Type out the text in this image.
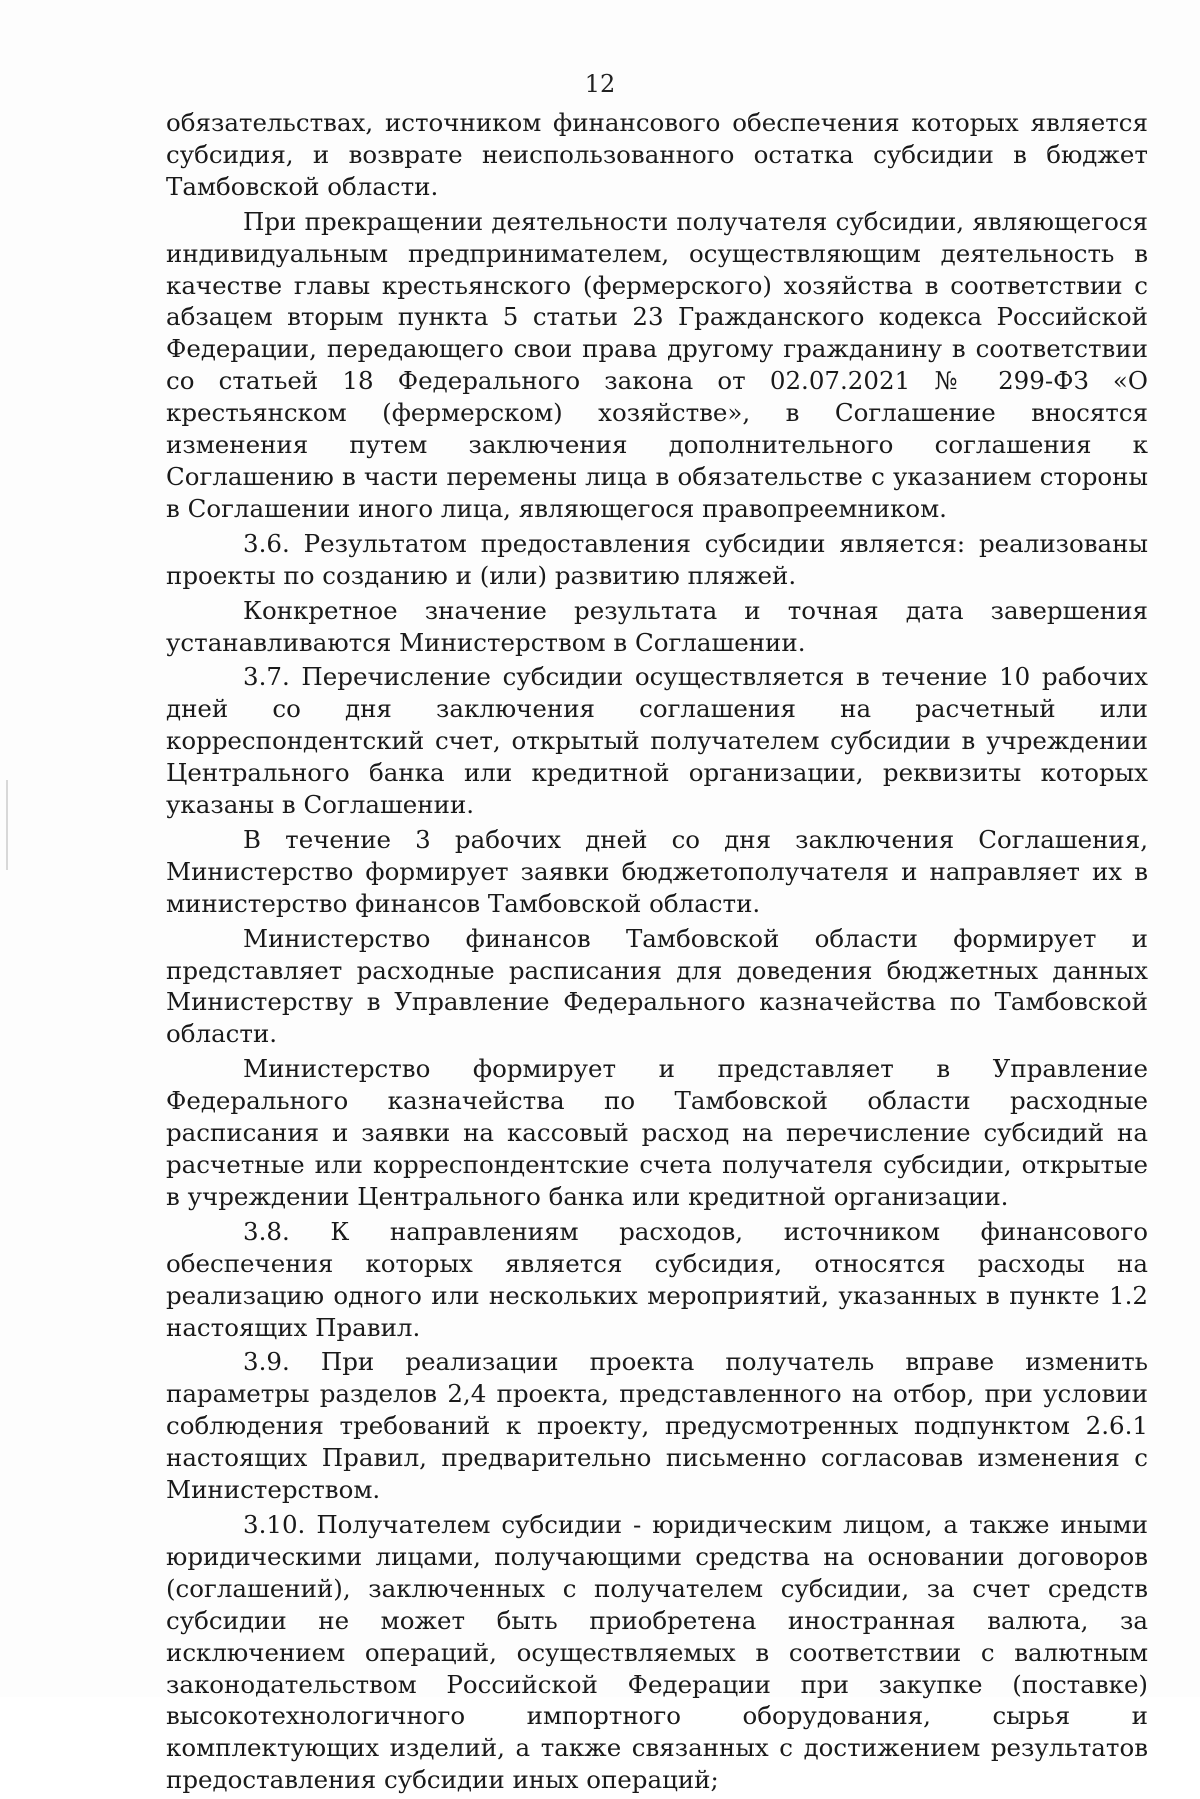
12

обязательствах, источником финансового обеспечения которых является субсидия, и возврате неиспользованного остатка субсидии в бюджет Тамбовской области.

При прекращении деятельности получателя субсидии, являющегося индивидуальным предпринимателем, осуществляющим деятельность в качестве главы крестьянского (фермерского) хозяйства в соответствии с абзацем вторым пункта 5 статьи 23 Гражданского кодекса Российской Федерации, передающего свои права другому гражданину в соответствии со статьей 18 Федерального закона от 02.07.2021 № 299-ФЗ «О крестьянском (фермерском) хозяйстве», в Соглашение вносятся изменения путем заключения дополнительного соглашения к Соглашению в части перемены лица в обязательстве с указанием стороны в Соглашении иного лица, являющегося правопреемником.

3.6. Результатом предоставления субсидии является: реализованы проекты по созданию и (или) развитию пляжей.

Конкретное значение результата и точная дата завершения устанавливаются Министерством в Соглашении.

3.7. Перечисление субсидии осуществляется в течение 10 рабочих дней со дня заключения соглашения на расчетный или корреспондентский счет, открытый получателем субсидии в учреждении Центрального банка или кредитной организации, реквизиты которых указаны в Соглашении.

В течение 3 рабочих дней со дня заключения Соглашения, Министерство формирует заявки бюджетополучателя и направляет их в министерство финансов Тамбовской области.

Министерство финансов Тамбовской области формирует и представляет расходные расписания для доведения бюджетных данных Министерству в Управление Федерального казначейства по Тамбовской области.

Министерство формирует и представляет в Управление Федерального казначейства по Тамбовской области расходные расписания и заявки на кассовый расход на перечисление субсидий на расчетные или корреспондентские счета получателя субсидии, открытые в учреждении Центрального банка или кредитной организации.

3.8. К направлениям расходов, источником финансового обеспечения которых является субсидия, относятся расходы на реализацию одного или нескольких мероприятий, указанных в пункте 1.2 настоящих Правил.

3.9. При реализации проекта получатель вправе изменить параметры разделов 2,4 проекта, представленного на отбор, при условии соблюдения требований к проекту, предусмотренных подпунктом 2.6.1 настоящих Правил, предварительно письменно согласовав изменения с Министерством.

3.10. Получателем субсидии - юридическим лицом, а также иными юридическими лицами, получающими средства на основании договоров (соглашений), заключенных с получателем субсидии, за счет средств субсидии не может быть приобретена иностранная валюта, за исключением операций, осуществляемых в соответствии с валютным законодательством Российской Федерации при закупке (поставке) высокотехнологичного импортного оборудования, сырья и комплектующих изделий, а также связанных с достижением результатов предоставления субсидии иных операций;
